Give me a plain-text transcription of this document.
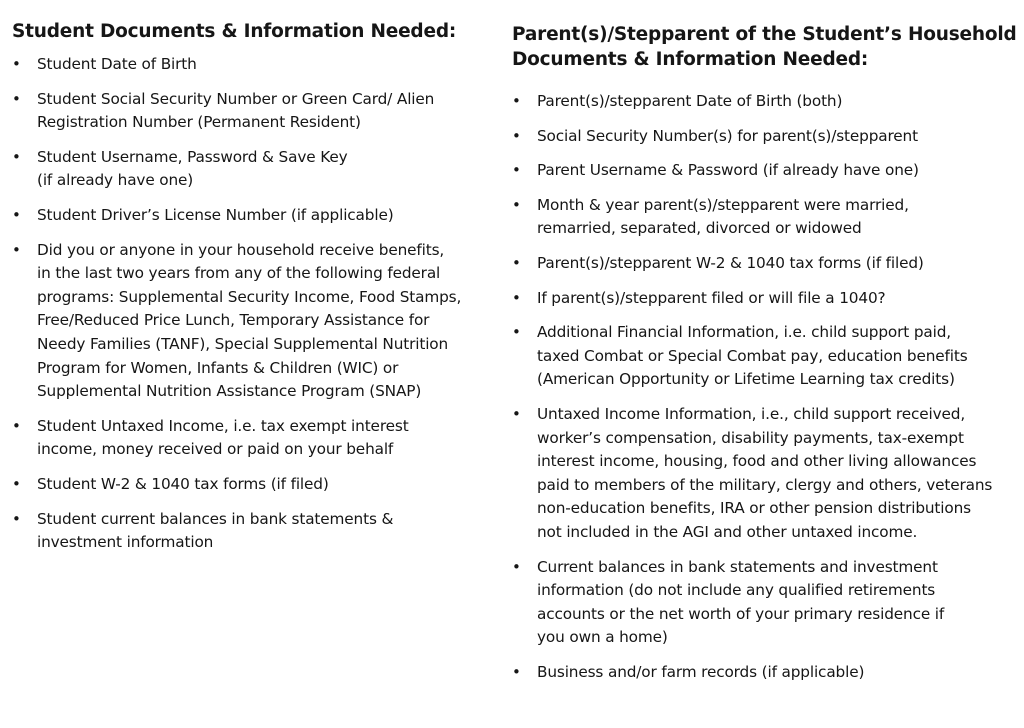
Student Documents & Information Needed:
• Student Date of Birth
• Student Social Security Number or Green Card/ Alien
Registration Number (Permanent Resident)
• Student Username, Password & Save Key
(if already have one)
• Student Driver’s License Number (if applicable)
• Did you or anyone in your household receive benefits,
in the last two years from any of the following federal
programs: Supplemental Security Income, Food Stamps,
Free/Reduced Price Lunch, Temporary Assistance for
Needy Families (TANF), Special Supplemental Nutrition
Program for Women, Infants & Children (WIC) or
Supplemental Nutrition Assistance Program (SNAP)
• Student Untaxed Income, i.e. tax exempt interest
income, money received or paid on your behalf
• Student W-2 & 1040 tax forms (if filed)
• Student current balances in bank statements &
investment information
Parent(s)/Stepparent of the Student’s Household
Documents & Information Needed:
• Parent(s)/stepparent Date of Birth (both)
• Social Security Number(s) for parent(s)/stepparent
• Parent Username & Password (if already have one)
• Month & year parent(s)/stepparent were married,
remarried, separated, divorced or widowed
• Parent(s)/stepparent W-2 & 1040 tax forms (if filed)
• If parent(s)/stepparent filed or will file a 1040?
• Additional Financial Information, i.e. child support paid,
taxed Combat or Special Combat pay, education benefits
(American Opportunity or Lifetime Learning tax credits)
• Untaxed Income Information, i.e., child support received,
worker’s compensation, disability payments, tax-exempt
interest income, housing, food and other living allowances
paid to members of the military, clergy and others, veterans
non-education benefits, IRA or other pension distributions
not included in the AGI and other untaxed income.
• Current balances in bank statements and investment
information (do not include any qualified retirements
accounts or the net worth of your primary residence if
you own a home)
• Business and/or farm records (if applicable)
